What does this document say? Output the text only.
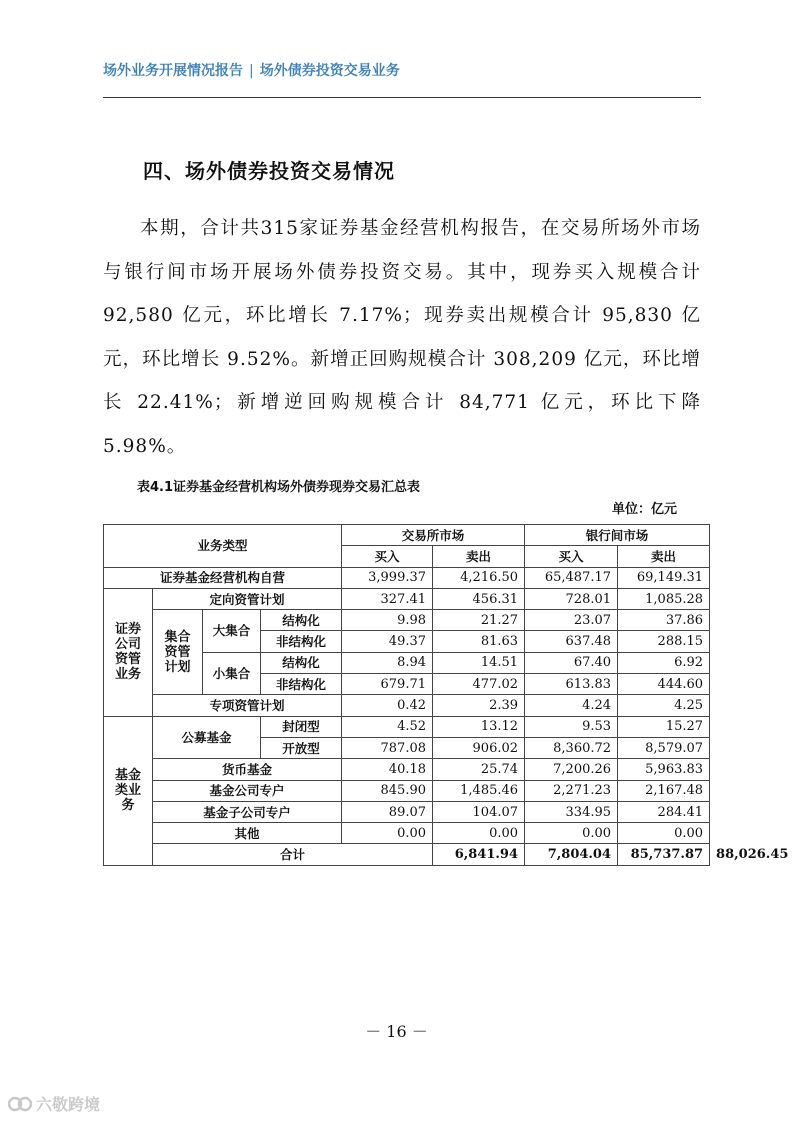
场外业务开展情况报告 | 场外债券投资交易业务
四、场外债券投资交易情况
本期，合计共315家证券基金经营机构报告，在交易所场外市场与银行间市场开展场外债券投资交易。其中，现券买入规模合计 92,580 亿元，环比增长 7.17%；现券卖出规模合计 95,830 亿元，环比增长 9.52%。新增正回购规模合计 308,209 亿元，环比增长 22.41%；新增逆回购规模合计 84,771 亿元，环比下降 5.98%。
表4.1证券基金经营机构场外债券现券交易汇总表
单位：亿元
业务类型				交易所市场		银行间市场		
				买入	卖出	买入	卖出	
证券基金经营机构自营				3,999.37	4,216.50	65,487.17	69,149.31	
证券公司资管业务	定向资管计划			327.41	456.31	728.01	1,085.28	
	集合资管计划	大集合	结构化	9.98	21.27	23.07	37.86	
			非结构化	49.37	81.63	637.48	288.15	
		小集合	结构化	8.94	14.51	67.40	6.92	
			非结构化	679.71	477.02	613.83	444.60	
	专项资管计划			0.42	2.39	4.24	4.25	
基金类业务	公募基金		封闭型	4.52	13.12	9.53	15.27	
			开放型	787.08	906.02	8,360.72	8,579.07	
	货币基金			40.18	25.74	7,200.26	5,963.83	
	基金公司专户			845.90	1,485.46	2,271.23	2,167.48	
	基金子公司专户			89.07	104.07	334.95	284.41	
	其他			0.00	0.00	0.00	0.00	
	合计				6,841.94	7,804.04	85,737.87	88,026.45
－ 16 －
六敬跨境
